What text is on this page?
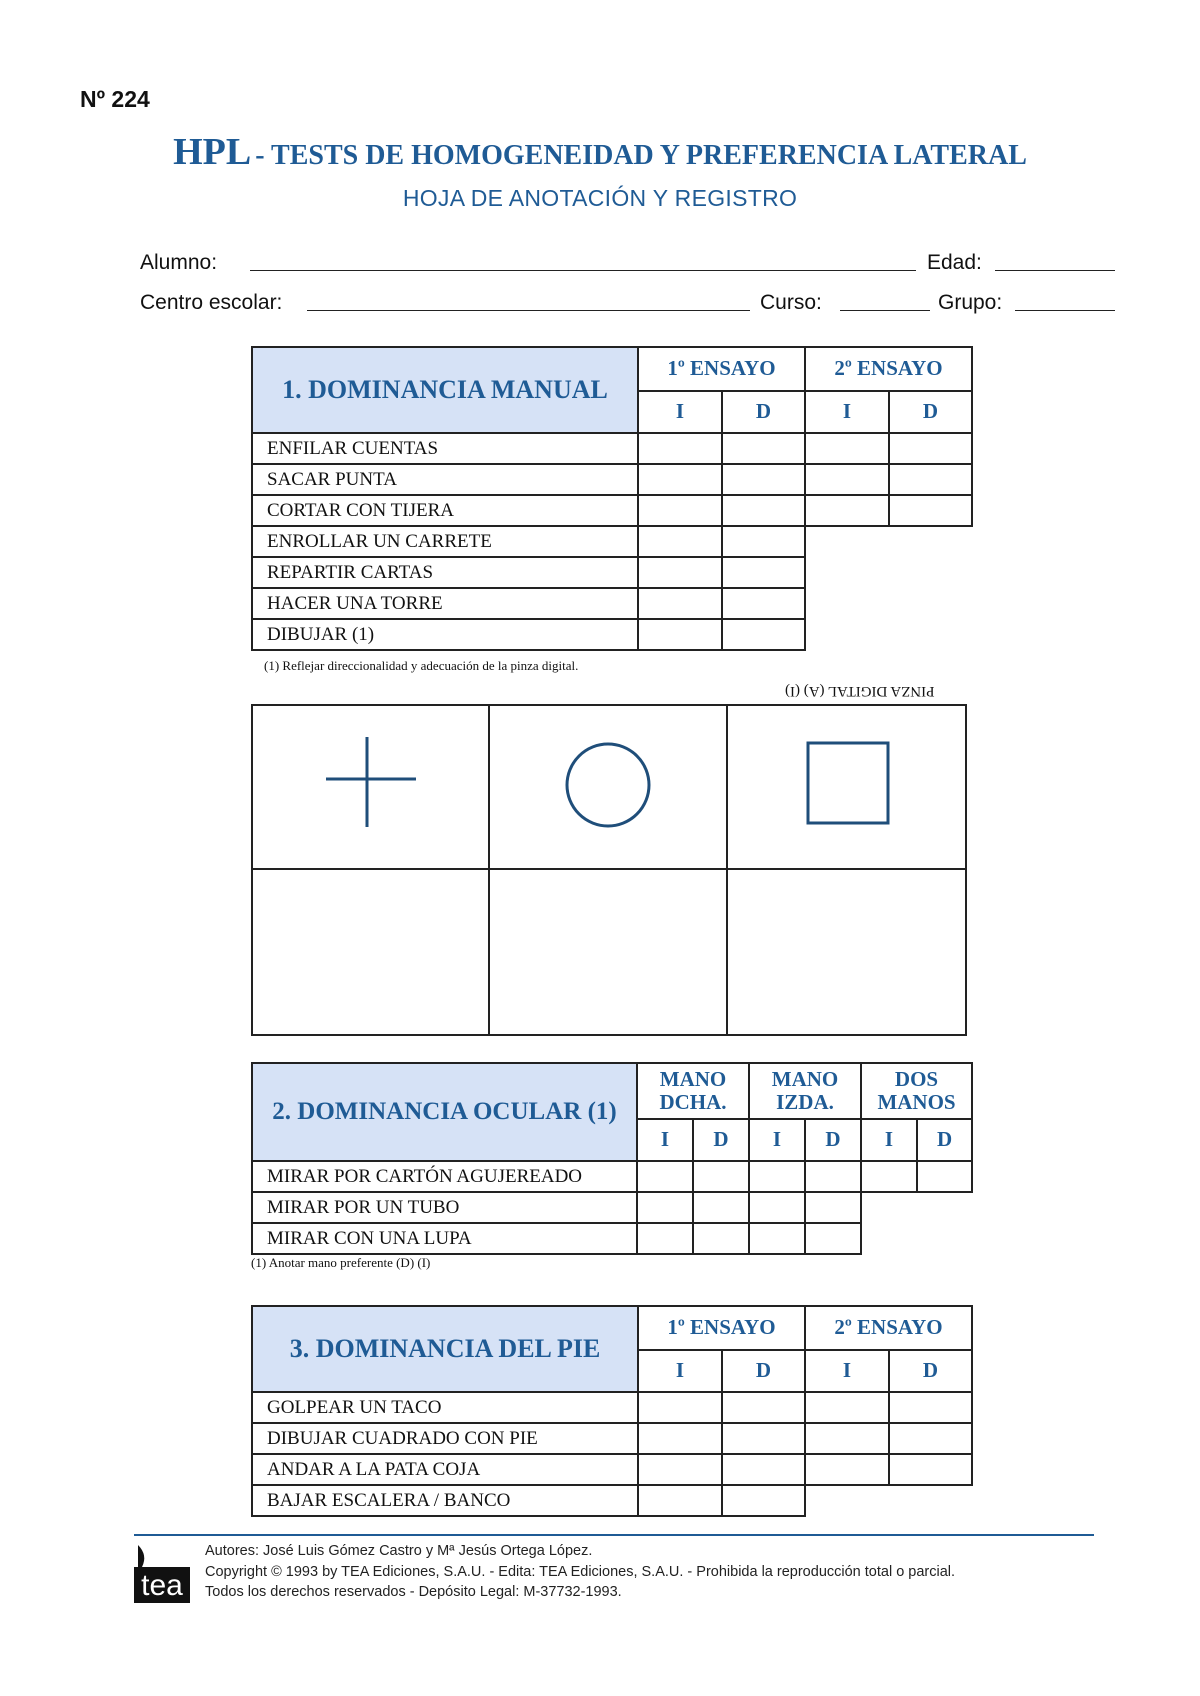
Nº 224
HPL - TESTS DE HOMOGENEIDAD Y PREFERENCIA LATERAL
HOJA DE ANOTACIÓN Y REGISTRO
Alumno:	Edad:
Centro escolar:	Curso:	Grupo:
1. DOMINANCIA MANUAL	1º ENSAYO		2º ENSAYO	
	I	D	I	D
ENFILAR CUENTAS				
SACAR PUNTA				
CORTAR CON TIJERA				
ENROLLAR UN CARRETE				
REPARTIR CARTAS				
HACER UNA TORRE				
DIBUJAR (1)				
(1) Reflejar direccionalidad y adecuación de la pinza digital.
PINZA DIGITAL (A) (I)
2. DOMINANCIA OCULAR (1)	MANO DCHA.		MANO IZDA.		DOS MANOS	
	I	D	I	D	I	D
MIRAR POR CARTÓN AGUJEREADO						
MIRAR POR UN TUBO						
MIRAR CON UNA LUPA						
(1) Anotar mano preferente (D) (I)
3. DOMINANCIA DEL PIE	1º ENSAYO		2º ENSAYO	
	I	D	I	D
GOLPEAR UN TACO				
DIBUJAR CUADRADO CON PIE				
ANDAR A LA PATA COJA				
BAJAR ESCALERA / BANCO				
tea
Autores: José Luis Gómez Castro y Mª Jesús Ortega López.
Copyright © 1993 by TEA Ediciones, S.A.U. - Edita: TEA Ediciones, S.A.U. - Prohibida la reproducción total o parcial.
Todos los derechos reservados - Depósito Legal: M-37732-1993.
